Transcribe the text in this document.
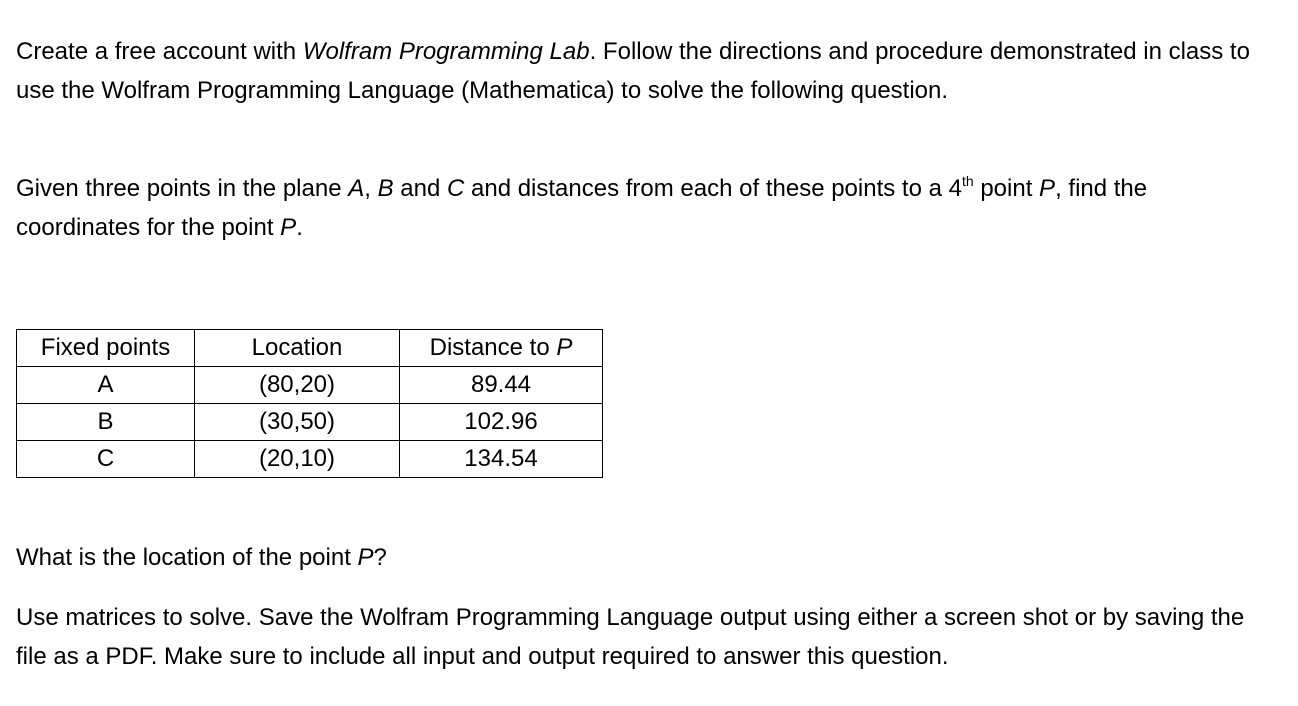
Create a free account with Wolfram Programming Lab. Follow the directions and procedure demonstrated in class to use the Wolfram Programming Language (Mathematica) to solve the following question.

Given three points in the plane A, B and C and distances from each of these points to a 4th point P, find the coordinates for the point P.

What is the location of the point P?

Use matrices to solve. Save the Wolfram Programming Language output using either a screen shot or by saving the file as a PDF. Make sure to include all input and output required to answer this question.

Fixed points	Location	Distance to P
A	(80,20)	89.44
B	(30,50)	102.96
C	(20,10)	134.54
